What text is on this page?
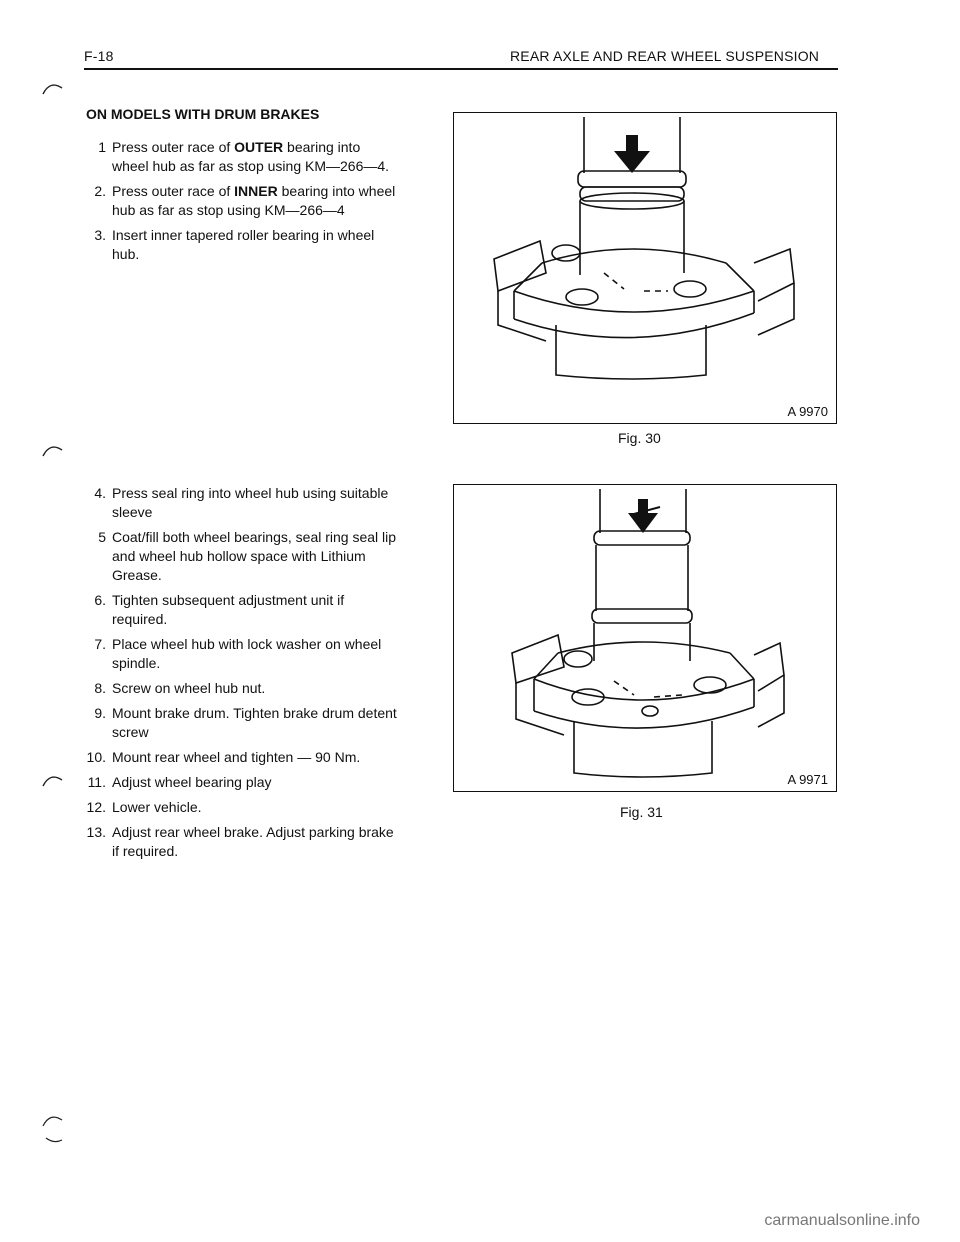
F-18	REAR AXLE AND REAR WHEEL SUSPENSION
ON MODELS WITH DRUM BRAKES
1 Press outer race of OUTER bearing into wheel hub as far as stop using KM—266—4.
2. Press outer race of INNER bearing into wheel hub as far as stop using KM—266—4
3. Insert inner tapered roller bearing in wheel hub.
4. Press seal ring into wheel hub using suitable sleeve
5 Coat/fill both wheel bearings, seal ring seal lip and wheel hub hollow space with Lithium Grease.
6. Tighten subsequent adjustment unit if required.
7. Place wheel hub with lock washer on wheel spindle.
8. Screw on wheel hub nut.
9. Mount brake drum. Tighten brake drum detent screw
10. Mount rear wheel and tighten — 90 Nm.
11. Adjust wheel bearing play
12. Lower vehicle.
13. Adjust rear wheel brake. Adjust parking brake if required.
A 9970
Fig. 30
A 9971
Fig. 31
carmanualsonline.info
